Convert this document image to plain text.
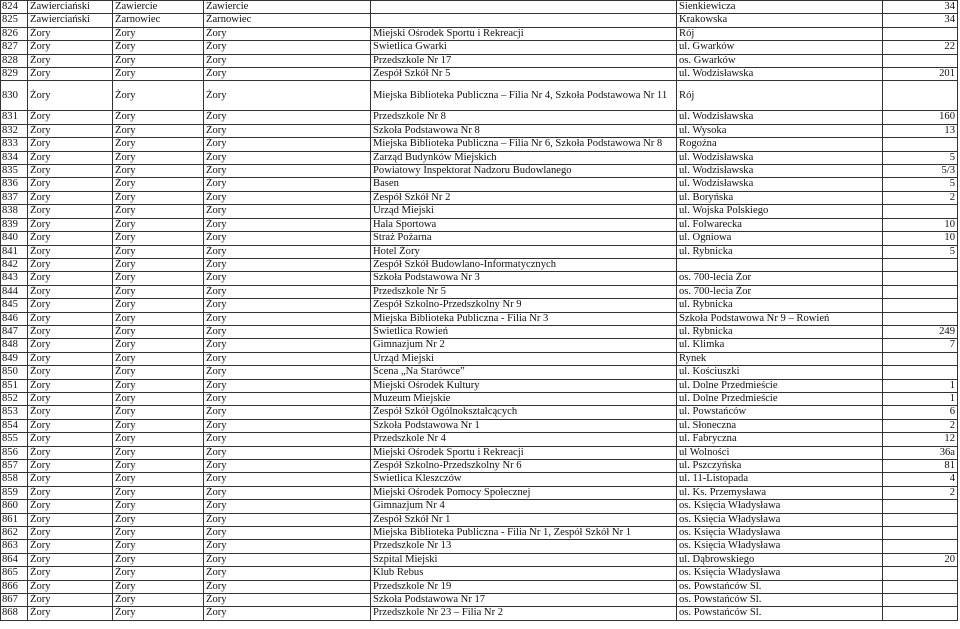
824	Zawierciański	Zawiercie	Zawiercie		Sienkiewicza	34
825	Zawierciański	Żarnowiec	Żarnowiec		Krakowska	34
826	Żory	Żory	Żory	Miejski Ośrodek Sportu i Rekreacji	Rój	
827	Żory	Żory	Żory	Świetlica Gwarki	ul. Gwarków	22
828	Żory	Żory	Żory	Przedszkole Nr 17	os. Gwarków	
829	Żory	Żory	Żory	Zespół Szkół Nr 5	ul. Wodzisławska	201
830	Żory	Żory	Żory	Miejska Biblioteka Publiczna – Filia Nr 4, Szkoła Podstawowa Nr 11	Rój	
831	Żory	Żory	Żory	Przedszkole Nr 8	ul. Wodzisławska	160
832	Żory	Żory	Żory	Szkoła Podstawowa Nr 8	ul. Wysoka	13
833	Żory	Żory	Żory	Miejska Biblioteka Publiczna – Filia Nr 6, Szkoła Podstawowa Nr 8	Rogoźna	
834	Żory	Żory	Żory	Zarząd Budynków Miejskich	ul. Wodzisławska	5
835	Żory	Żory	Żory	Powiatowy Inspektorat Nadzoru Budowlanego	ul. Wodzisławska	5/3
836	Żory	Żory	Żory	Basen	ul. Wodzisławska	5
837	Żory	Żory	Żory	Zespół Szkół Nr 2	ul. Boryńska	2
838	Żory	Żory	Żory	Urząd Miejski	ul. Wojska Polskiego	
839	Żory	Żory	Żory	Hala Sportowa	ul. Folwarecka	10
840	Żory	Żory	Żory	Straż Pożarna	ul. Ogniowa	10
841	Żory	Żory	Żory	Hotel Żory	ul. Rybnicka	5
842	Żory	Żory	Żory	Zespół Szkół Budowlano-Informatycznych		
843	Żory	Żory	Żory	Szkoła Podstawowa Nr 3	os. 700-lecia Żor	
844	Żory	Żory	Żory	Przedszkole Nr 5	os. 700-lecia Żor	
845	Żory	Żory	Żory	Zespół Szkolno-Przedszkolny Nr 9	ul. Rybnicka	
846	Żory	Żory	Żory	Miejska Biblioteka Publiczna - Filia Nr 3	Szkoła Podstawowa Nr 9 – Rowień	
847	Żory	Żory	Żory	Świetlica Rowień	ul. Rybnicka	249
848	Żory	Żory	Żory	Gimnazjum Nr 2	ul. Klimka	7
849	Żory	Żory	Żory	Urząd Miejski	Rynek	
850	Żory	Żory	Żory	Scena „Na Starówce”	ul. Kościuszki	
851	Żory	Żory	Żory	Miejski Ośrodek Kultury	ul. Dolne Przedmieście	1
852	Żory	Żory	Żory	Muzeum Miejskie	ul. Dolne Przedmieście	1
853	Żory	Żory	Żory	Zespół Szkół Ogólnokształcących	ul. Powstańców	6
854	Żory	Żory	Żory	Szkoła Podstawowa Nr 1	ul. Słoneczna	2
855	Żory	Żory	Żory	Przedszkole Nr 4	ul. Fabryczna	12
856	Żory	Żory	Żory	Miejski Ośrodek Sportu i Rekreacji	ul Wolności	36a
857	Żory	Żory	Żory	Zespół Szkolno-Przedszkolny Nr 6	ul. Pszczyńska	81
858	Żory	Żory	Żory	Świetlica Kleszczów	ul. 11-Listopada	4
859	Żory	Żory	Żory	Miejski Ośrodek Pomocy Społecznej	ul. Ks. Przemysława	2
860	Żory	Żory	Żory	Gimnazjum Nr 4	os. Księcia Władysława	
861	Żory	Żory	Żory	Zespół Szkół Nr 1	os. Księcia Władysława	
862	Żory	Żory	Żory	Miejska Biblioteka Publiczna - Filia Nr 1, Zespół Szkół Nr 1	os. Księcia Władysława	
863	Żory	Żory	Żory	Przedszkole Nr 13	os. Księcia Władysława	
864	Żory	Żory	Żory	Szpital Miejski	ul. Dąbrowskiego	20
865	Żory	Żory	Żory	Klub Rebus	os. Księcia Władysława	
866	Żory	Żory	Żory	Przedszkole Nr 19	os. Powstańców Śl.	
867	Żory	Żory	Żory	Szkoła Podstawowa Nr 17	os. Powstańców Śl.	
868	Żory	Żory	Żory	Przedszkole Nr 23 – Filia Nr 2	os. Powstańców Śl.	
